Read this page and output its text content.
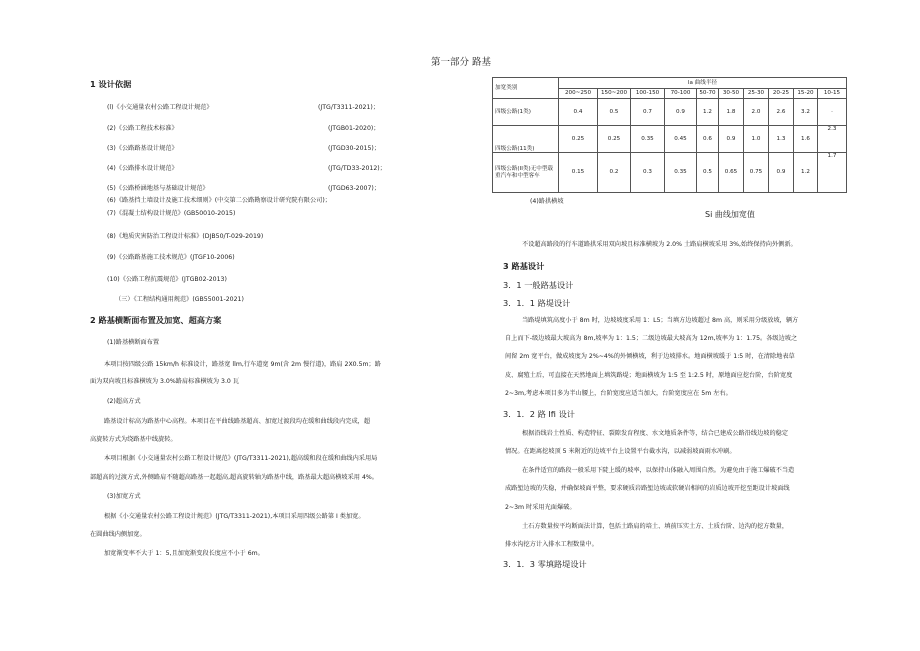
第一部分 路基
1 设计依据
(l)《小交通量农村公路工程设计规范》	(JTG/T3311-2021)；
(2)《公路工程技术标准》	(JTGB01-2020)；
(3)《公路路基设计规范》	(JTGD30-2015)；
(4)《公路排水设计规范》	(JTG/TD33-2012)；
(5)《公路桥涵地基与基础设计规范》	(JTGD63-2007)；
(6)《路基挡土墙设计及施工技术细则》(中交第二公路勘察设计研究院有限公司)；
(7)《混凝土结构设计规范》(GB50010-2015)
(8)《地质灾害防治工程设计标准》(DJB50/T-029-2019)
(9)《公路路基施工技术规范》(JTGF10-2006)
(10)《公路工程抗震规范》(JTGB02-2013)
（三）《工程结构通用规范》(GB55001-2021)
2 路基横断面布置及加宽、超高方案
(1)路基横断面布置
本项目按四级公路 15km∕h 标准设计，路基宽 llm,行车道宽 9m(含 2m 慢行道)，路肩 2X0.5m；路
面为双向坡且标准横坡为 3.0%路肩标准横坡为 3.0 瓦
(2)超高方式
路基设计标高为路基中心高程。本项目在平曲线路基超高、加宽过渡段均在缓和曲线段内完成，超
高旋转方式为绕路基中线旋转。
本项目根据《小交通量农村公路工程设计规范》(JTG/T3311-2021),超高缓和段在缓和曲线内采用局
部超高的过渡方式,外侧路肩不随超高路基一起超高,超高旋转轴为路基中线，路基最大超高横坡采用 4%。
(3)加宽方式
根据《小交通量农村公路工程设计规范》(JTG/T3311-2021),本项目采用四级公路第 I 类加宽。
在圆曲线内侧加宽。
加宽渐变率不大于 1：5,且加宽渐变段长度应不小于 6m。
加宽类别	la 曲线半径									
	200~250	150~200	100-150	70-100	50-70	30-50	25-30	20-25	15-20	10-15
四级公路(1类)	0.4	0.5	0.7	0.9	1.2	1.8	2.0	2.6	3.2	·
四级公路(11类)	0.25	0.25	0.35	0.45	0.6	0.9	1.0	1.3	1.6	2.3
四级公路(II类)无中型载重汽车和中型客车	0.15	0.2	0.3	0.35	0.5	0.65	0.75	0.9	1.2	1.7
(4)路拱横坡
Si 曲线加宽值
不设超高路段的行车道路拱采用双向坡且标准横坡为 2.0% 土路肩横坡采用 3%,始终保持向外侧新。
3 路基设计
3．1 一般路基设计
3．1．1 路堤设计
当路堤填筑高度小于 8m 时，边坡坡度采用 1：L5；当填方边坡超过 8m 高，则采用分级放坡，辆方
自上而下-级边坡最大坡高为 8m,坡率为 1：1.5；二级边坡最大坡高为 12m,坡率为 1：1.75。各级边坡之
间留 2m 宽平台，做成坡度为 2%~4%的外倾横坡，利于边坡排水。地面横坡缓于 1:5 时，在清除地表草
皮、腐殖土后，可直接在天然地面上填筑路堤；地面横坡为 1:5 至 1:2.5 时，原地面应挖台阶，台阶宽度
2~3m,考虑本项目多为半山腰上，台阶宽度应适当加大，台阶宽度应在 5m 左右。
3．1．2 路 Ifi 设计
根据沿线岩土性质、构造特征、裂隙发育程度、水文地质条件等，结合已建成公路沿线边坡的稳定
情况。在距离挖坡顶 5 米附近的边坡平台上设置平台截水沟，以减弱坡面雨水冲刷。
在条件适宜的路段一般采用下陡上缓的坡率，以保持山体融入周围自然。为避免由于施工爆破不当造
成路堑边坡的失稳，并确保坡面平整，要求硬质岩路堑边坡或软硬岩相间的岩质边坡开挖至距设计坡面线
2~3m 时采用光面爆破。
土石方数量按平均断面法计算，包括土路肩的培土、填前压实土方、土质台阶、边沟的挖方数量，
排水沟挖方计入排水工程数量中。
3．1．3 零填路堤设计
